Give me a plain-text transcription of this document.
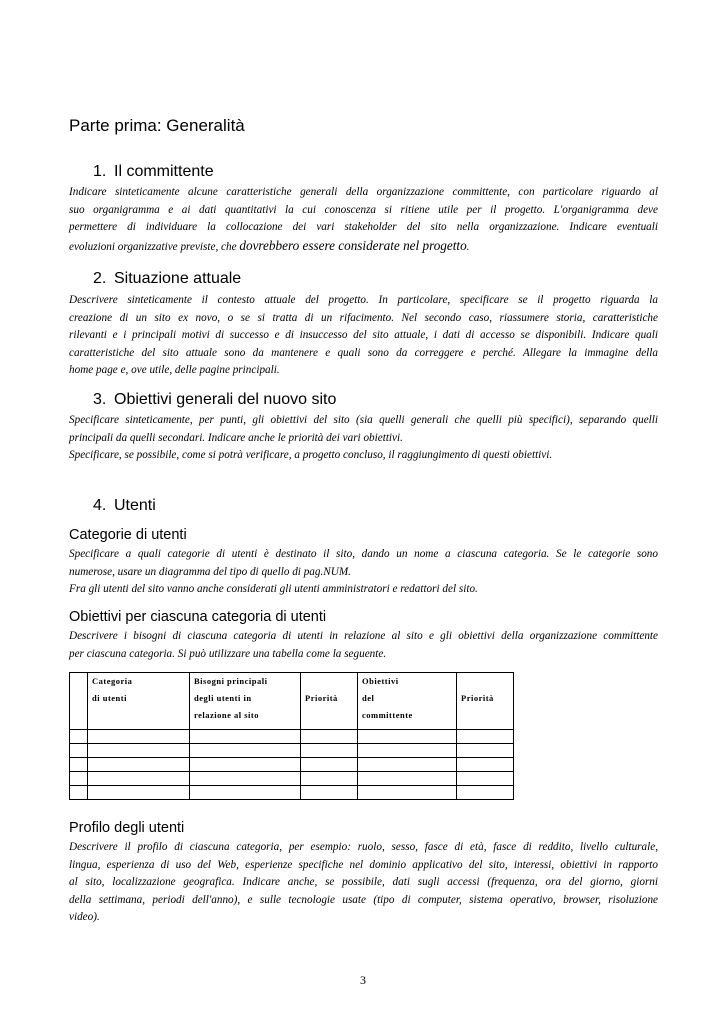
Parte prima: Generalità
1. Il committente
Indicare sinteticamente alcune caratteristiche generali della organizzazione committente, con particolare riguardo al
suo organigramma e ai dati quantitativi la cui conoscenza si ritiene utile per il progetto. L'organigramma deve
permettere di individuare la collocazione dei vari stakeholder del sito nella organizzazione. Indicare eventuali
evoluzioni organizzative previste, che dovrebbero essere considerate nel progetto.
2. Situazione attuale
Descrivere sinteticamente il contesto attuale del progetto. In particolare, specificare se il progetto riguarda la
creazione di un sito ex novo, o se si tratta di un rifacimento. Nel secondo caso, riassumere storia, caratteristiche
rilevanti e i principali motivi di successo e di insuccesso del sito attuale, i dati di accesso se disponibili. Indicare quali
caratteristiche del sito attuale sono da mantenere e quali sono da correggere e perché. Allegare la immagine della
home page e, ove utile, delle pagine principali.
3. Obiettivi generali del nuovo sito
Specificare sinteticamente, per punti, gli obiettivi del sito (sia quelli generali che quelli più specifici), separando quelli
principali da quelli secondari. Indicare anche le priorità dei vari obiettivi.
Specificare, se possibile, come si potrà verificare, a progetto concluso, il raggiungimento di questi obiettivi.
4. Utenti
Categorie di utenti
Specificare a quali categorie di utenti è destinato il sito, dando un nome a ciascuna categoria. Se le categorie sono
numerose, usare un diagramma del tipo di quello di pag.NUM.
Fra gli utenti del sito vanno anche considerati gli utenti amministratori e redattori del sito.
Obiettivi per ciascuna categoria di utenti
Descrivere i bisogni di ciascuna categoria di utenti in relazione al sito e gli obiettivi della organizzazione committente
per ciascuna categoria. Si può utilizzare una tabella come la seguente.

	Categoria
di utenti	Bisogni principali
degli utenti in
relazione al sito	Priorità	Obiettivi
del
committente	Priorità

Profilo degli utenti
Descrivere il profilo di ciascuna categoria, per esempio: ruolo, sesso, fasce di età, fasce di reddito, livello culturale,
lingua, esperienza di uso del Web, esperienze specifiche nel dominio applicativo del sito, interessi, obiettivi in rapporto
al sito, localizzazione geografica. Indicare anche, se possibile, dati sugli accessi (frequenza, ora del giorno, giorni
della settimana, periodi dell'anno), e sulle tecnologie usate (tipo di computer, sistema operativo, browser, risoluzione
video).
3
